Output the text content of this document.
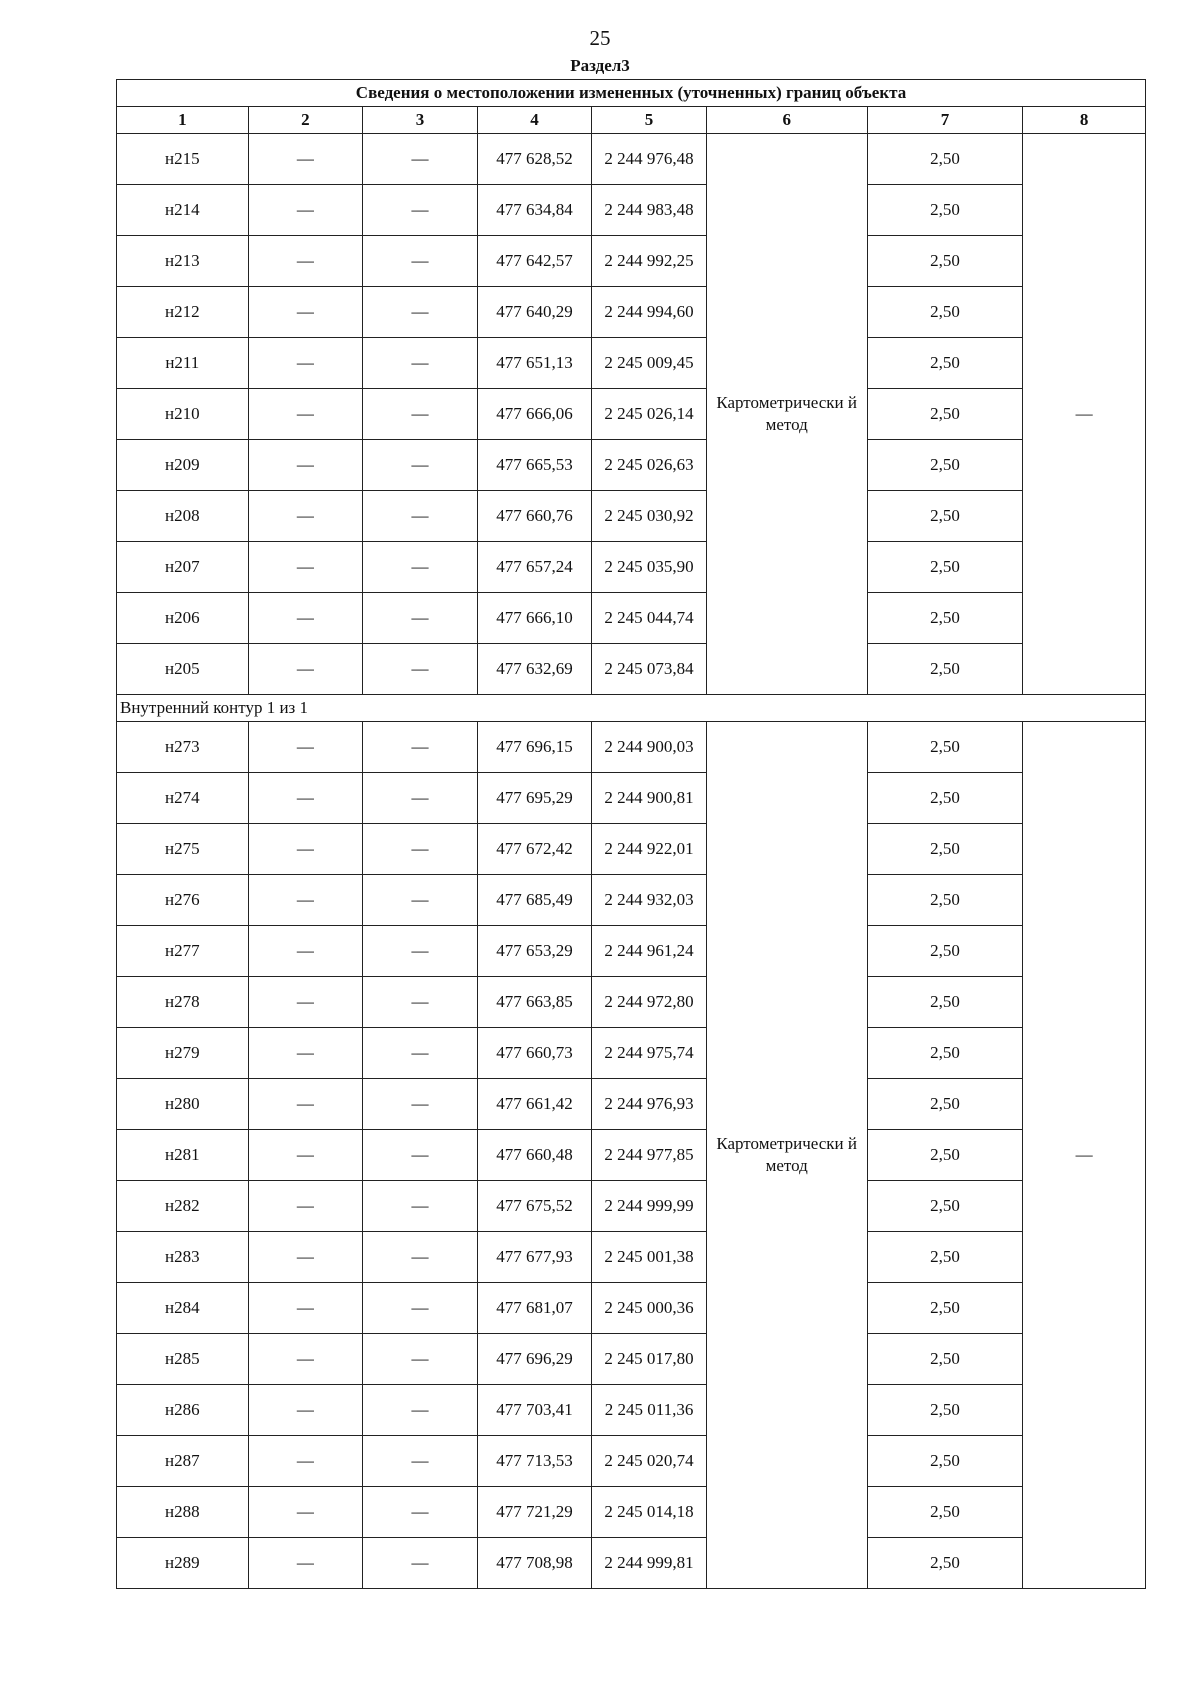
25
Раздел3
Сведения о местоположении измененных (уточненных) границ объекта							
1	2	3	4	5	6	7	8
н215	—	—	477 628,52	2 244 976,48	Картометрически й метод	2,50	—
н214	—	—	477 634,84	2 244 983,48		2,50	
н213	—	—	477 642,57	2 244 992,25		2,50	
н212	—	—	477 640,29	2 244 994,60		2,50	
н211	—	—	477 651,13	2 245 009,45		2,50	
н210	—	—	477 666,06	2 245 026,14		2,50	
н209	—	—	477 665,53	2 245 026,63		2,50	
н208	—	—	477 660,76	2 245 030,92		2,50	
н207	—	—	477 657,24	2 245 035,90		2,50	
н206	—	—	477 666,10	2 245 044,74		2,50	
н205	—	—	477 632,69	2 245 073,84		2,50	
Внутренний контур 1 из 1							
н273	—	—	477 696,15	2 244 900,03	Картометрически й метод	2,50	—
н274	—	—	477 695,29	2 244 900,81		2,50	
н275	—	—	477 672,42	2 244 922,01		2,50	
н276	—	—	477 685,49	2 244 932,03		2,50	
н277	—	—	477 653,29	2 244 961,24		2,50	
н278	—	—	477 663,85	2 244 972,80		2,50	
н279	—	—	477 660,73	2 244 975,74		2,50	
н280	—	—	477 661,42	2 244 976,93		2,50	
н281	—	—	477 660,48	2 244 977,85		2,50	
н282	—	—	477 675,52	2 244 999,99		2,50	
н283	—	—	477 677,93	2 245 001,38		2,50	
н284	—	—	477 681,07	2 245 000,36		2,50	
н285	—	—	477 696,29	2 245 017,80		2,50	
н286	—	—	477 703,41	2 245 011,36		2,50	
н287	—	—	477 713,53	2 245 020,74		2,50	
н288	—	—	477 721,29	2 245 014,18		2,50	
н289	—	—	477 708,98	2 244 999,81		2,50	
